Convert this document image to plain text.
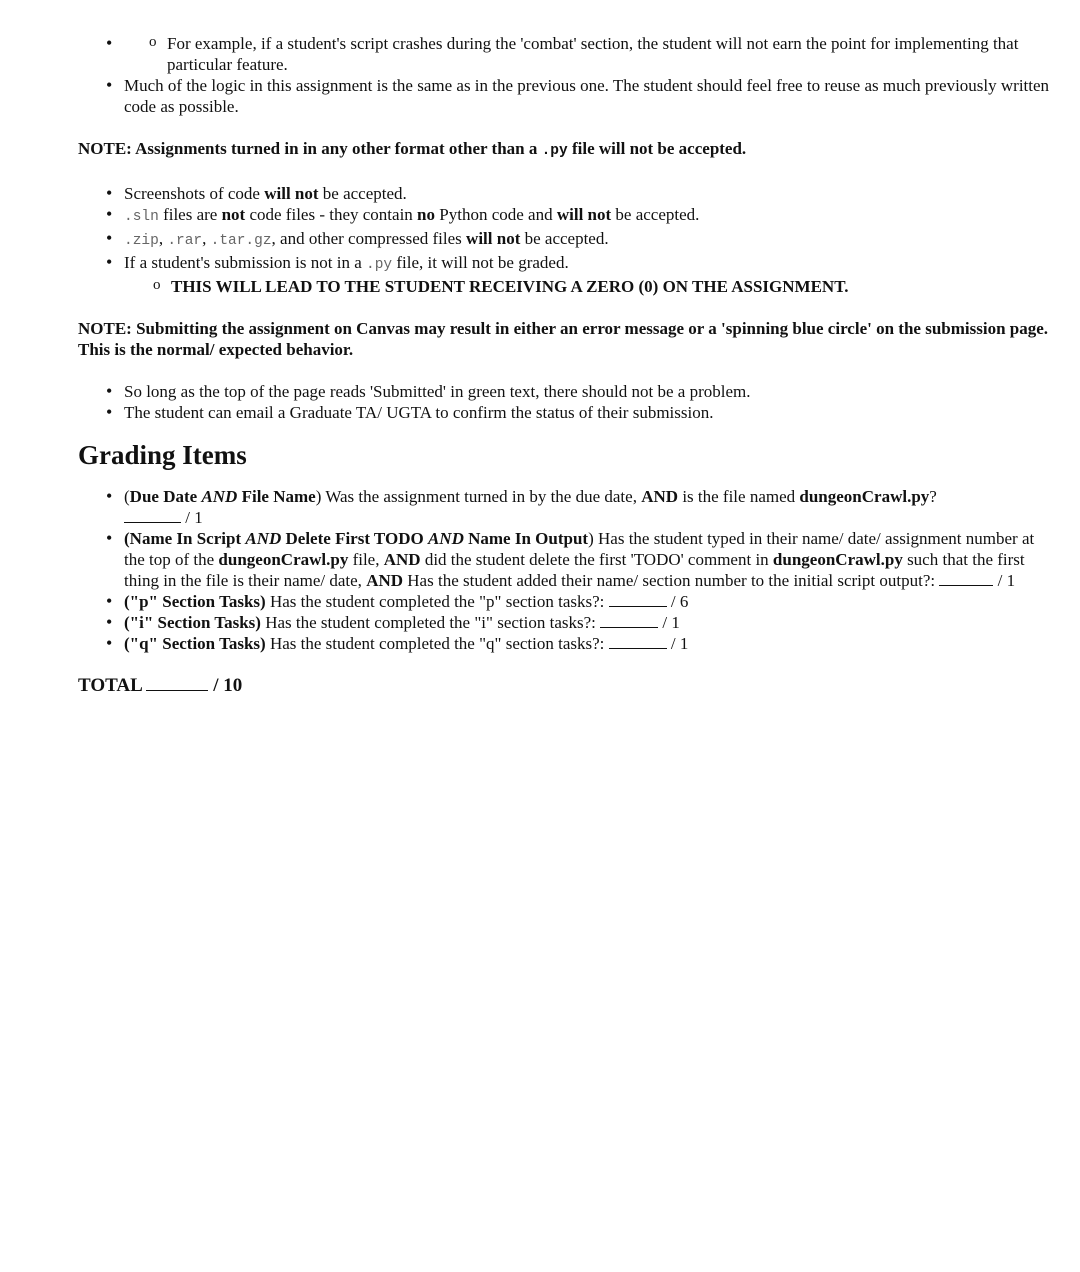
o • For example, if a student's script crashes during the 'combat' section, the student will not earn the point for implementing that particular feature.
• Much of the logic in this assignment is the same as in the previous one. The student should feel free to reuse as much previously written code as possible.

NOTE: Assignments turned in in any other format other than a .py file will not be accepted.

• Screenshots of code will not be accepted.
• .sln files are not code files - they contain no Python code and will not be accepted.
• .zip, .rar, .tar.gz, and other compressed files will not be accepted.
• If a student's submission is not in a .py file, it will not be graded.
o THIS WILL LEAD TO THE STUDENT RECEIVING A ZERO (0) ON THE ASSIGNMENT.

NOTE: Submitting the assignment on Canvas may result in either an error message or a 'spinning blue circle' on the submission page. This is the normal/ expected behavior.

• So long as the top of the page reads 'Submitted' in green text, there should not be a problem.
• The student can email a Graduate TA/ UGTA to confirm the status of their submission.
Grading Items
• (Due Date AND File Name) Was the assignment turned in by the due date, AND is the file named dungeonCrawl.py?
/ 1
• (Name In Script AND Delete First TODO AND Name In Output) Has the student typed in their name/ date/ assignment number at the top of the dungeonCrawl.py file, AND did the student delete the first 'TODO' comment in dungeonCrawl.py such that the first thing in the file is their name/ date, AND Has the student added their name/ section number to the initial script output?:	/ 1
• ("p" Section Tasks) Has the student completed the "p" section tasks?:	/ 6
• ("i" Section Tasks) Has the student completed the "i" section tasks?:	/ 1
• ("q" Section Tasks) Has the student completed the "q" section tasks?:	/ 1

TOTAL	/ 10
